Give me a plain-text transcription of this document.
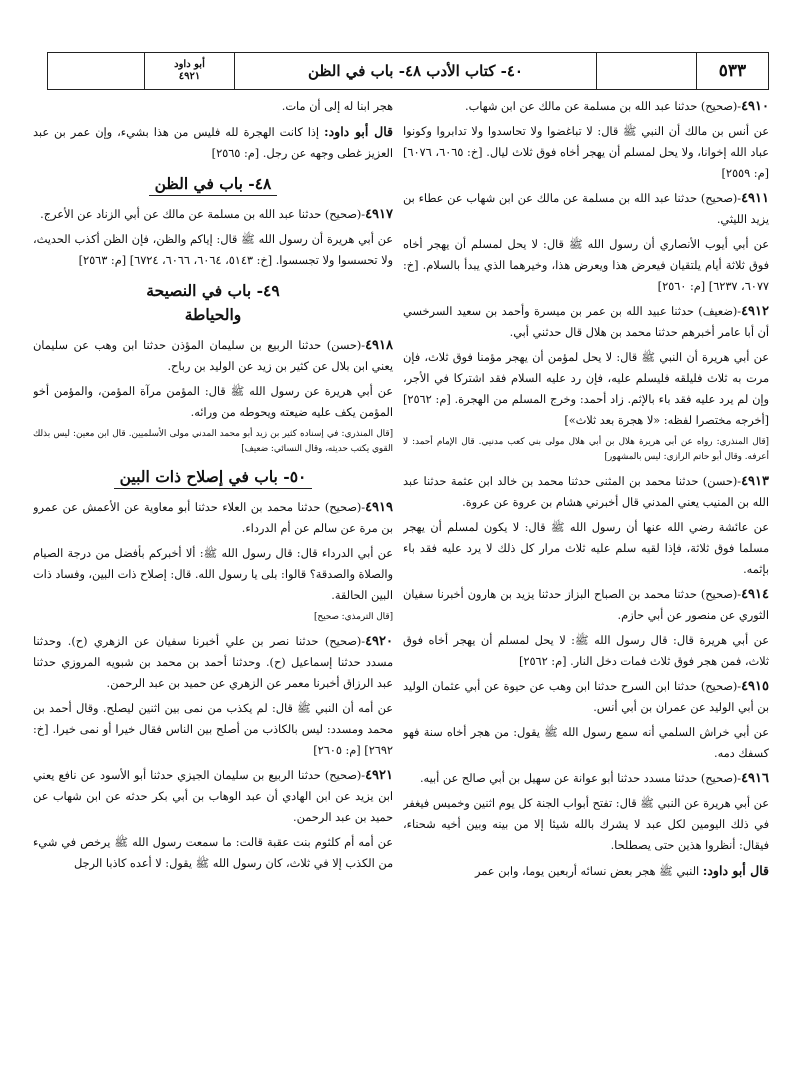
٥٣٣
٤٠- كتاب الأدب ٤٨- باب في الظن
أبو داود
٤٩٢١

٤٩١٠-(صحيح) حدثنا عبد الله بن مسلمة عن مالك عن ابن شهاب.

عن أنس بن مالك أن النبي ﷺ قال: لا تباغضوا ولا تحاسدوا ولا تدابروا وكونوا عباد الله إخوانا، ولا يحل لمسلم أن يهجر أخاه فوق ثلاث ليال. [خ: ٦٠٦٥، ٦٠٧٦] [م: ٢٥٥٩]

٤٩١١-(صحيح) حدثنا عبد الله بن مسلمة عن مالك عن ابن شهاب عن عطاء بن يزيد الليثي.

عن أبي أيوب الأنصاري أن رسول الله ﷺ قال: لا يحل لمسلم أن يهجر أخاه فوق ثلاثة أيام يلتقيان فيعرض هذا ويعرض هذا، وخيرهما الذي يبدأ بالسلام. [خ: ٦٠٧٧، ٦٢٣٧] [م: ٢٥٦٠]

٤٩١٢-(ضعيف) حدثنا عبيد الله بن عمر بن ميسرة وأحمد بن سعيد السرخسي أن أبا عامر أخبرهم حدثنا محمد بن هلال قال حدثني أبي.

عن أبي هريرة أن النبي ﷺ قال: لا يحل لمؤمن أن يهجر مؤمنا فوق ثلاث، فإن مرت به ثلاث فليلقه فليسلم عليه، فإن رد عليه السلام فقد اشتركا في الأجر، وإن لم يرد عليه فقد باء بالإثم. زاد أحمد: وخرج المسلم من الهجرة. [م: ٢٥٦٢] [أخرجه مختصرا لفظه: «لا هجرة بعد ثلاث»]

[قال المنذري: رواه عن أبي هريرة هلال بن أبي هلال مولى بني كعب مدنيي. قال الإمام أحمد: لا أعرفه. وقال أبو حاتم الرازي: ليس بالمشهور]

٤٩١٣-(حسن) حدثنا محمد بن المثنى حدثنا محمد بن خالد ابن عثمة حدثنا عبد الله بن المنيب يعني المدني قال أخبرني هشام بن عروة عن عروة.

عن عائشة رضي الله عنها أن رسول الله ﷺ قال: لا يكون لمسلم أن يهجر مسلما فوق ثلاثة، فإذا لقيه سلم عليه ثلاث مرار كل ذلك لا يرد عليه فقد باء بإثمه.

٤٩١٤-(صحيح) حدثنا محمد بن الصباح البزاز حدثنا يزيد بن هارون أخبرنا سفيان الثوري عن منصور عن أبي حازم.

عن أبي هريرة قال: قال رسول الله ﷺ: لا يحل لمسلم أن يهجر أخاه فوق ثلاث، فمن هجر فوق ثلاث فمات دخل النار. [م: ٢٥٦٢]

٤٩١٥-(صحيح) حدثنا ابن السرح حدثنا ابن وهب عن حيوة عن أبي عثمان الوليد بن أبي الوليد عن عمران بن أبي أنس.

عن أبي خراش السلمي أنه سمع رسول الله ﷺ يقول: من هجر أخاه سنة فهو كسفك دمه.

٤٩١٦-(صحيح) حدثنا مسدد حدثنا أبو عوانة عن سهيل بن أبي صالح عن أبيه.

عن أبي هريرة عن النبي ﷺ قال: تفتح أبواب الجنة كل يوم اثنين وخميس فيغفر في ذلك اليومين لكل عبد لا يشرك بالله شيئا إلا من بينه وبين أخيه شحناء، فيقال: أنظروا هذين حتى يصطلحا.

قال أبو داود: النبي ﷺ هجر بعض نسائه أربعين يوما، وابن عمر

هجر ابنا له إلى أن مات.

قال أبو داود: إذا كانت الهجرة لله فليس من هذا بشيء، وإن عمر بن عبد العزيز غطى وجهه عن رجل. [م: ٢٥٦٥]

٤٨- باب في الظن

٤٩١٧-(صحيح) حدثنا عبد الله بن مسلمة عن مالك عن أبي الزناد عن الأعرج.

عن أبي هريرة أن رسول الله ﷺ قال: إياكم والظن، فإن الظن أكذب الحديث، ولا تحسسوا ولا تجسسوا. [خ: ٥١٤٣، ٦٠٦٤، ٦٠٦٦، ٦٧٢٤] [م: ٢٥٦٣]

٤٩- باب في النصيحة
والحياطة

٤٩١٨-(حسن) حدثنا الربيع بن سليمان المؤذن حدثنا ابن وهب عن سليمان يعني ابن بلال عن كثير بن زيد عن الوليد بن رباح.

عن أبي هريرة عن رسول الله ﷺ قال: المؤمن مرآة المؤمن، والمؤمن أخو المؤمن يكف عليه ضيعته ويحوطه من ورائه.

[قال المنذري: في إسناده كثير بن زيد أبو محمد المدني مولى الأسلميين. قال ابن معين: ليس بذلك القوي يكتب حديثه، وقال النسائي: ضعيف]

٥٠- باب في إصلاح ذات البين

٤٩١٩-(صحيح) حدثنا محمد بن العلاء حدثنا أبو معاوية عن الأعمش عن عمرو بن مرة عن سالم عن أم الدرداء.

عن أبي الدرداء قال: قال رسول الله ﷺ: ألا أخبركم بأفضل من درجة الصيام والصلاة والصدقة؟ قالوا: بلى يا رسول الله. قال: إصلاح ذات البين، وفساد ذات البين الحالقة.

[قال الترمذي: صحيح]

٤٩٢٠-(صحيح) حدثنا نصر بن علي أخبرنا سفيان عن الزهري (ح). وحدثنا مسدد حدثنا إسماعيل (ح). وحدثنا أحمد بن محمد بن شبويه المروزي حدثنا عبد الرزاق أخبرنا معمر عن الزهري عن حميد بن عبد الرحمن.

عن أمه أن النبي ﷺ قال: لم يكذب من نمى بين اثنين ليصلح. وقال أحمد بن محمد ومسدد: ليس بالكاذب من أصلح بين الناس فقال خيرا أو نمى خيرا. [خ: ٢٦٩٢] [م: ٢٦٠٥]

٤٩٢١-(صحيح) حدثنا الربيع بن سليمان الجيزي حدثنا أبو الأسود عن نافع يعني ابن يزيد عن ابن الهادي أن عبد الوهاب بن أبي بكر حدثه عن ابن شهاب عن حميد بن عبد الرحمن.

عن أمه أم كلثوم بنت عقبة قالت: ما سمعت رسول الله ﷺ يرخص في شيء من الكذب إلا في ثلاث، كان رسول الله ﷺ يقول: لا أعده كاذبا الرجل
